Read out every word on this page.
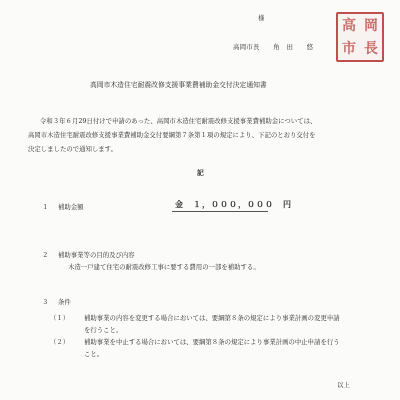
様
高岡市長　　角　田　　悠
高 岡
市 長
高岡市木造住宅耐震改修支援事業費補助金交付決定通知書
令和３年６月29日付けで申請のあった、高岡市木造住宅耐震改修支援事業費補助金については、
高岡市木造住宅耐震改修支援事業費補助金交付要綱第７条第１項の規定により、下記のとおり交付を
決定しましたので通知します。
記
１ 補助金額	金　１，０００，０００　円
２ 補助事業等の目的及び内容
木造一戸建て住宅の耐震改修工事に要する費用の一部を補助する。
３ 条件
（１） 補助事業の内容を変更する場合においては、要綱第８条の規定により事業計画の変更申請
を行うこと。
（２） 補助事業を中止する場合においては、要綱第８条の規定により事業計画の中止申請を行う
こと。
以上
